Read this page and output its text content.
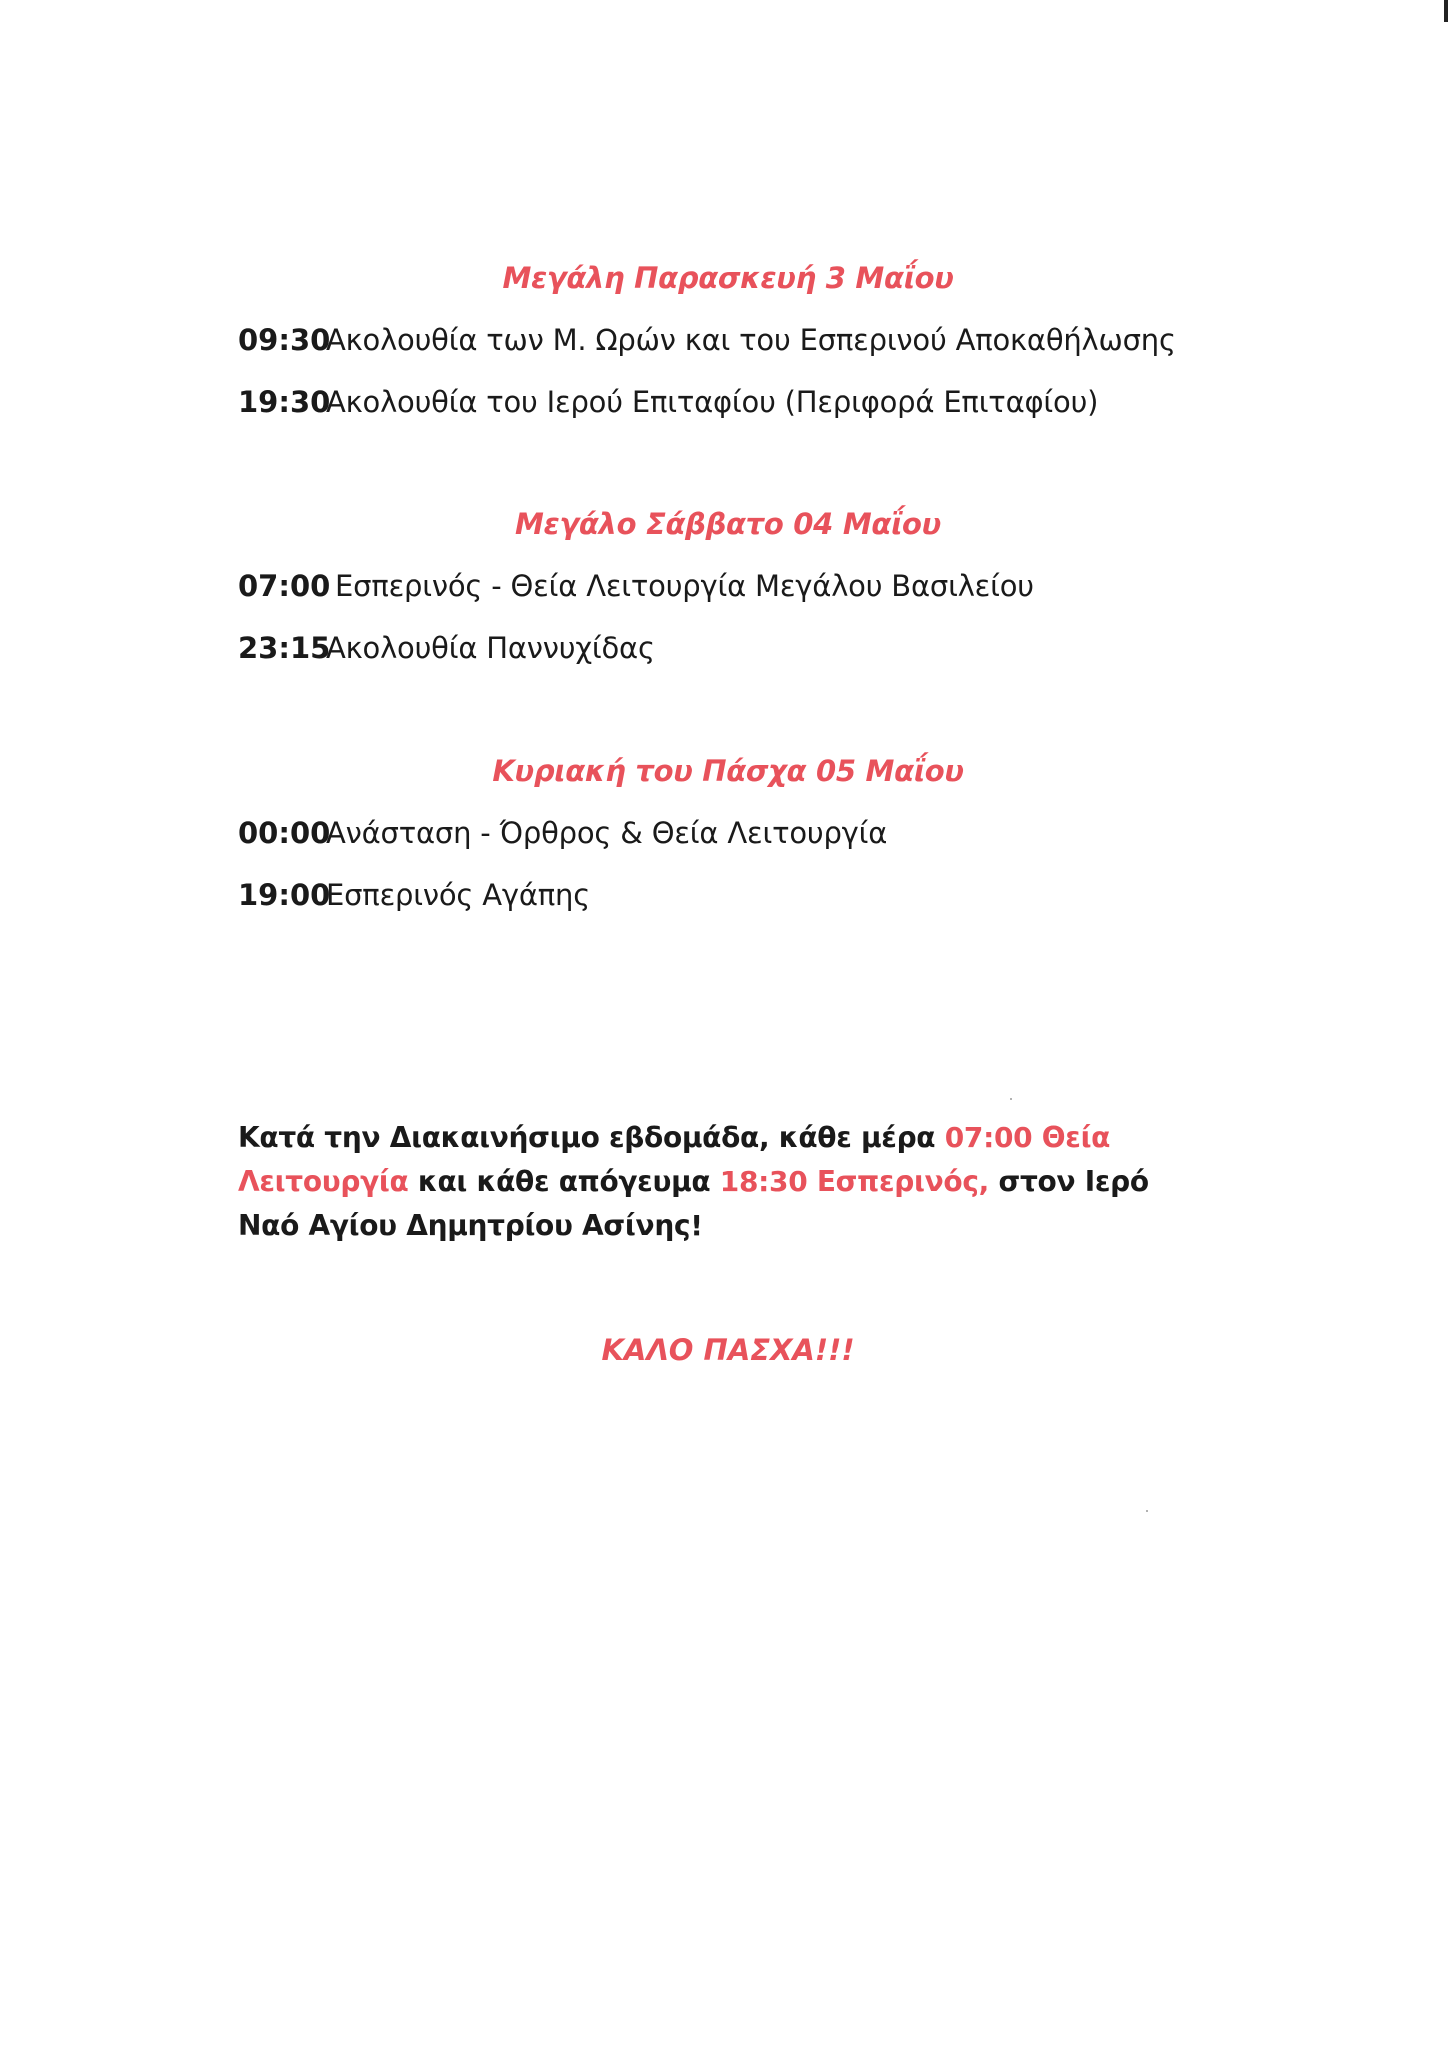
Μεγάλη Παρασκευή 3 Μαΐου
09:30
Ακολουθία των Μ. Ωρών και του Εσπερινού Αποκαθήλωσης
19:30
Ακολουθία του Ιερού Επιταφίου (Περιφορά Επιταφίου)
Μεγάλο Σάββατο 04 Μαΐου
07:00
Εσπερινός - Θεία Λειτουργία Μεγάλου Βασιλείου
23:15
Ακολουθία Παννυχίδας
Κυριακή του Πάσχα 05 Μαΐου
00:00
Ανάσταση - Όρθρος & Θεία Λειτουργία
19:00
Εσπερινός Αγάπης

Κατά την Διακαινήσιμο εβδομάδα, κάθε μέρα 07:00 Θεία Λειτουργία και κάθε απόγευμα 18:30 Εσπερινός, στον Ιερό Ναό Αγίου Δημητρίου Ασίνης!

ΚΑΛΟ ΠΑΣΧΑ!!!
